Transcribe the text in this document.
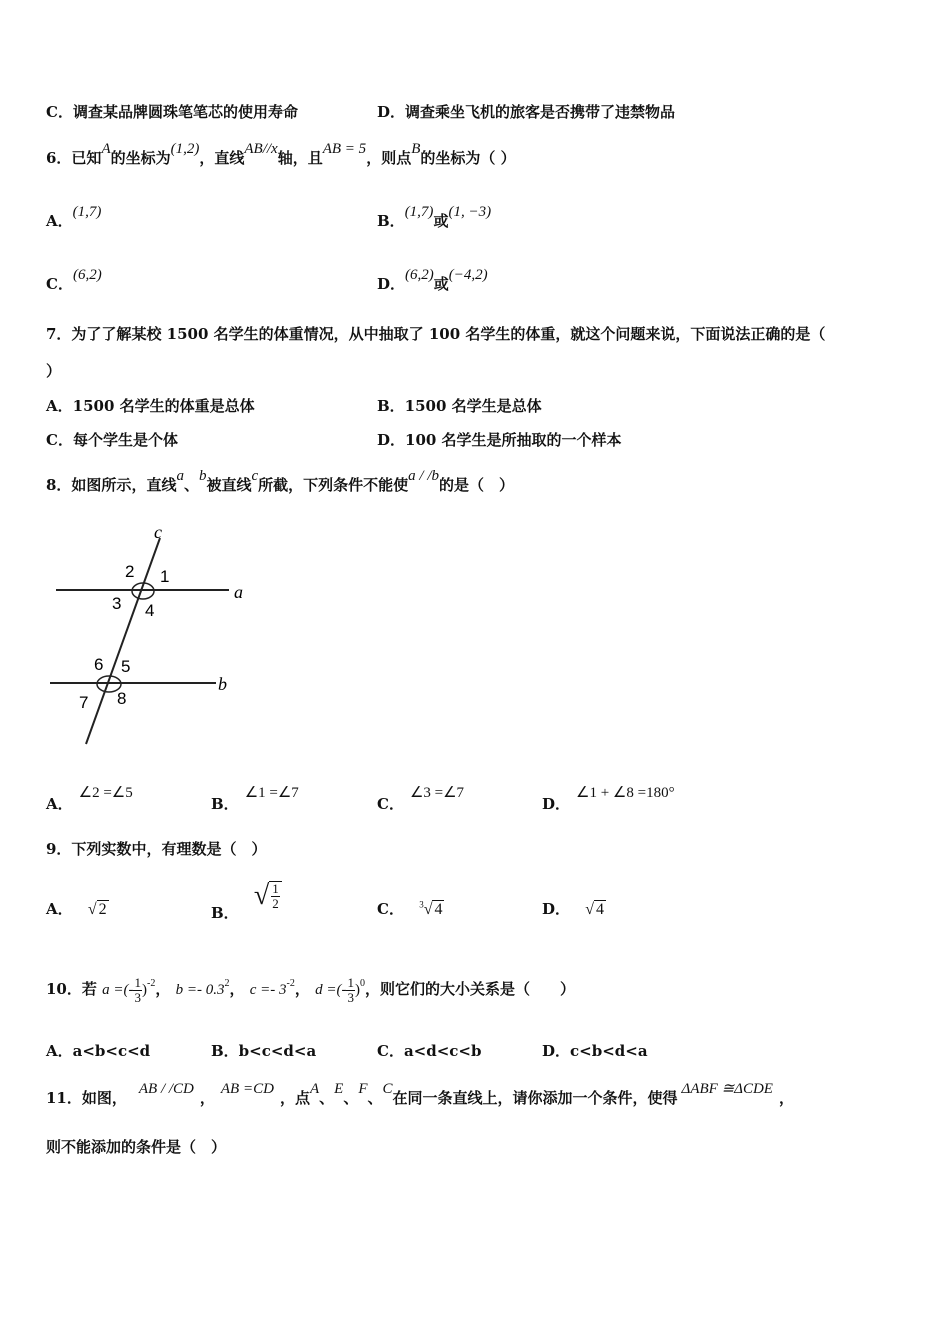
C．调查某品牌圆珠笔笔芯的使用寿命	D．调查乘坐飞机的旅客是否携带了违禁物品
6．已知A的坐标为(1,2)，直线AB//x轴，且AB = 5，则点B的坐标为（ ）
A．(1,7)	B．(1,7)或(1, −3)
C．(6,2)	D．(6,2)或(−4,2)
7．为了了解某校 1500 名学生的体重情况，从中抽取了 100 名学生的体重，就这个问题来说，下面说法正确的是（
）
A．1500 名学生的体重是总体	B．1500 名学生是总体
C．每个学生是个体	D．100 名学生是所抽取的一个样本
8．如图所示，直线a、b被直线c所截，下列条件不能使a / /b的是（　）
c
a
b
2 1
3 4
6 5
7 8
A．∠2 =∠5
B．∠1 =∠7
C．∠3 =∠7
D．∠1 + ∠8 =180°
9．下列实数中，有理数是（　）
A． √ 2	B． √ $\frac{1}{2}$	C． $^3$√ 4	D． √ 4
10．若 a =(- $\frac{1}{3} )^{-2}$， $b =- 0.3^2$， $c =- 3^{-2}$， d =(- $\frac{1}{3} )^0$，则它们的大小关系是（　　）
A．a<b<c<d	B．b<c<d<a	C．a<d<c<b	D．c<b<d<a
11．如图， AB / /CD ， AB =CD ，点A、E、F、C在同一条直线上，请你添加一个条件，使得 ΔABF ≅ΔCDE ，
则不能添加的条件是（　）
